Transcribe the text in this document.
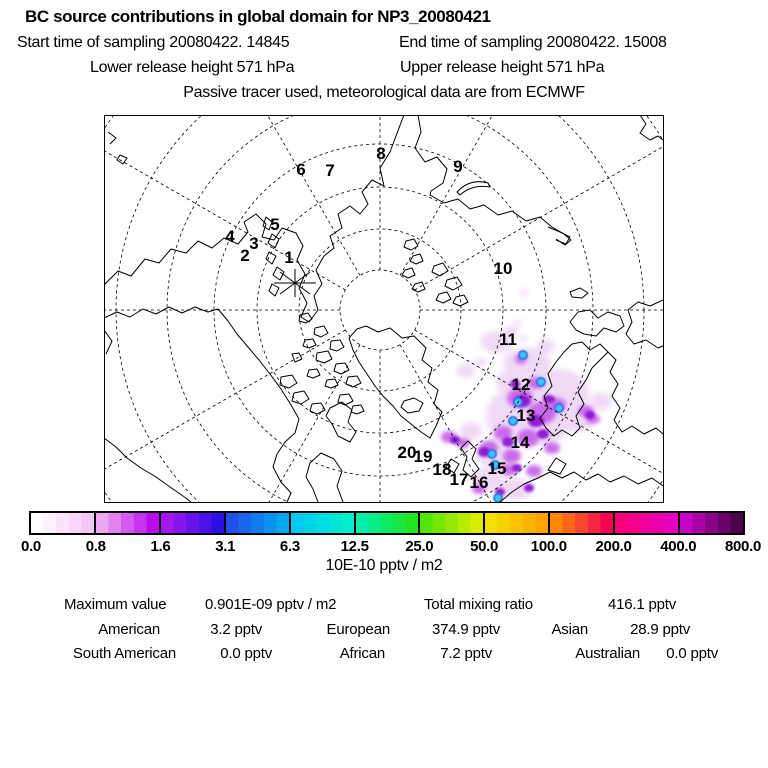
BC source contributions in global domain for NP3_20080421
Start time of sampling 20080422. 14845	End time of sampling 20080422. 15008
Lower release height 571 hPa	Upper release height 571 hPa
Passive tracer used, meteorological data are from ECMWF
1
2
3
4
5
6 7
8
9
10
11
12
13
14
15
16
17
18
19
20
0.0	0.8	1.6	3.1	6.3	12.5 25.0 50.0 100.0 200.0 400.0 800.0
10E-10 pptv / m2
Maximum value	0.901E-09 pptv / m2	Total mixing ratio	416.1 pptv
American	3.2 pptv	European	374.9 pptv	Asian	28.9 pptv
South American	0.0 pptv	African	7.2 pptv	Australian	0.0 pptv
